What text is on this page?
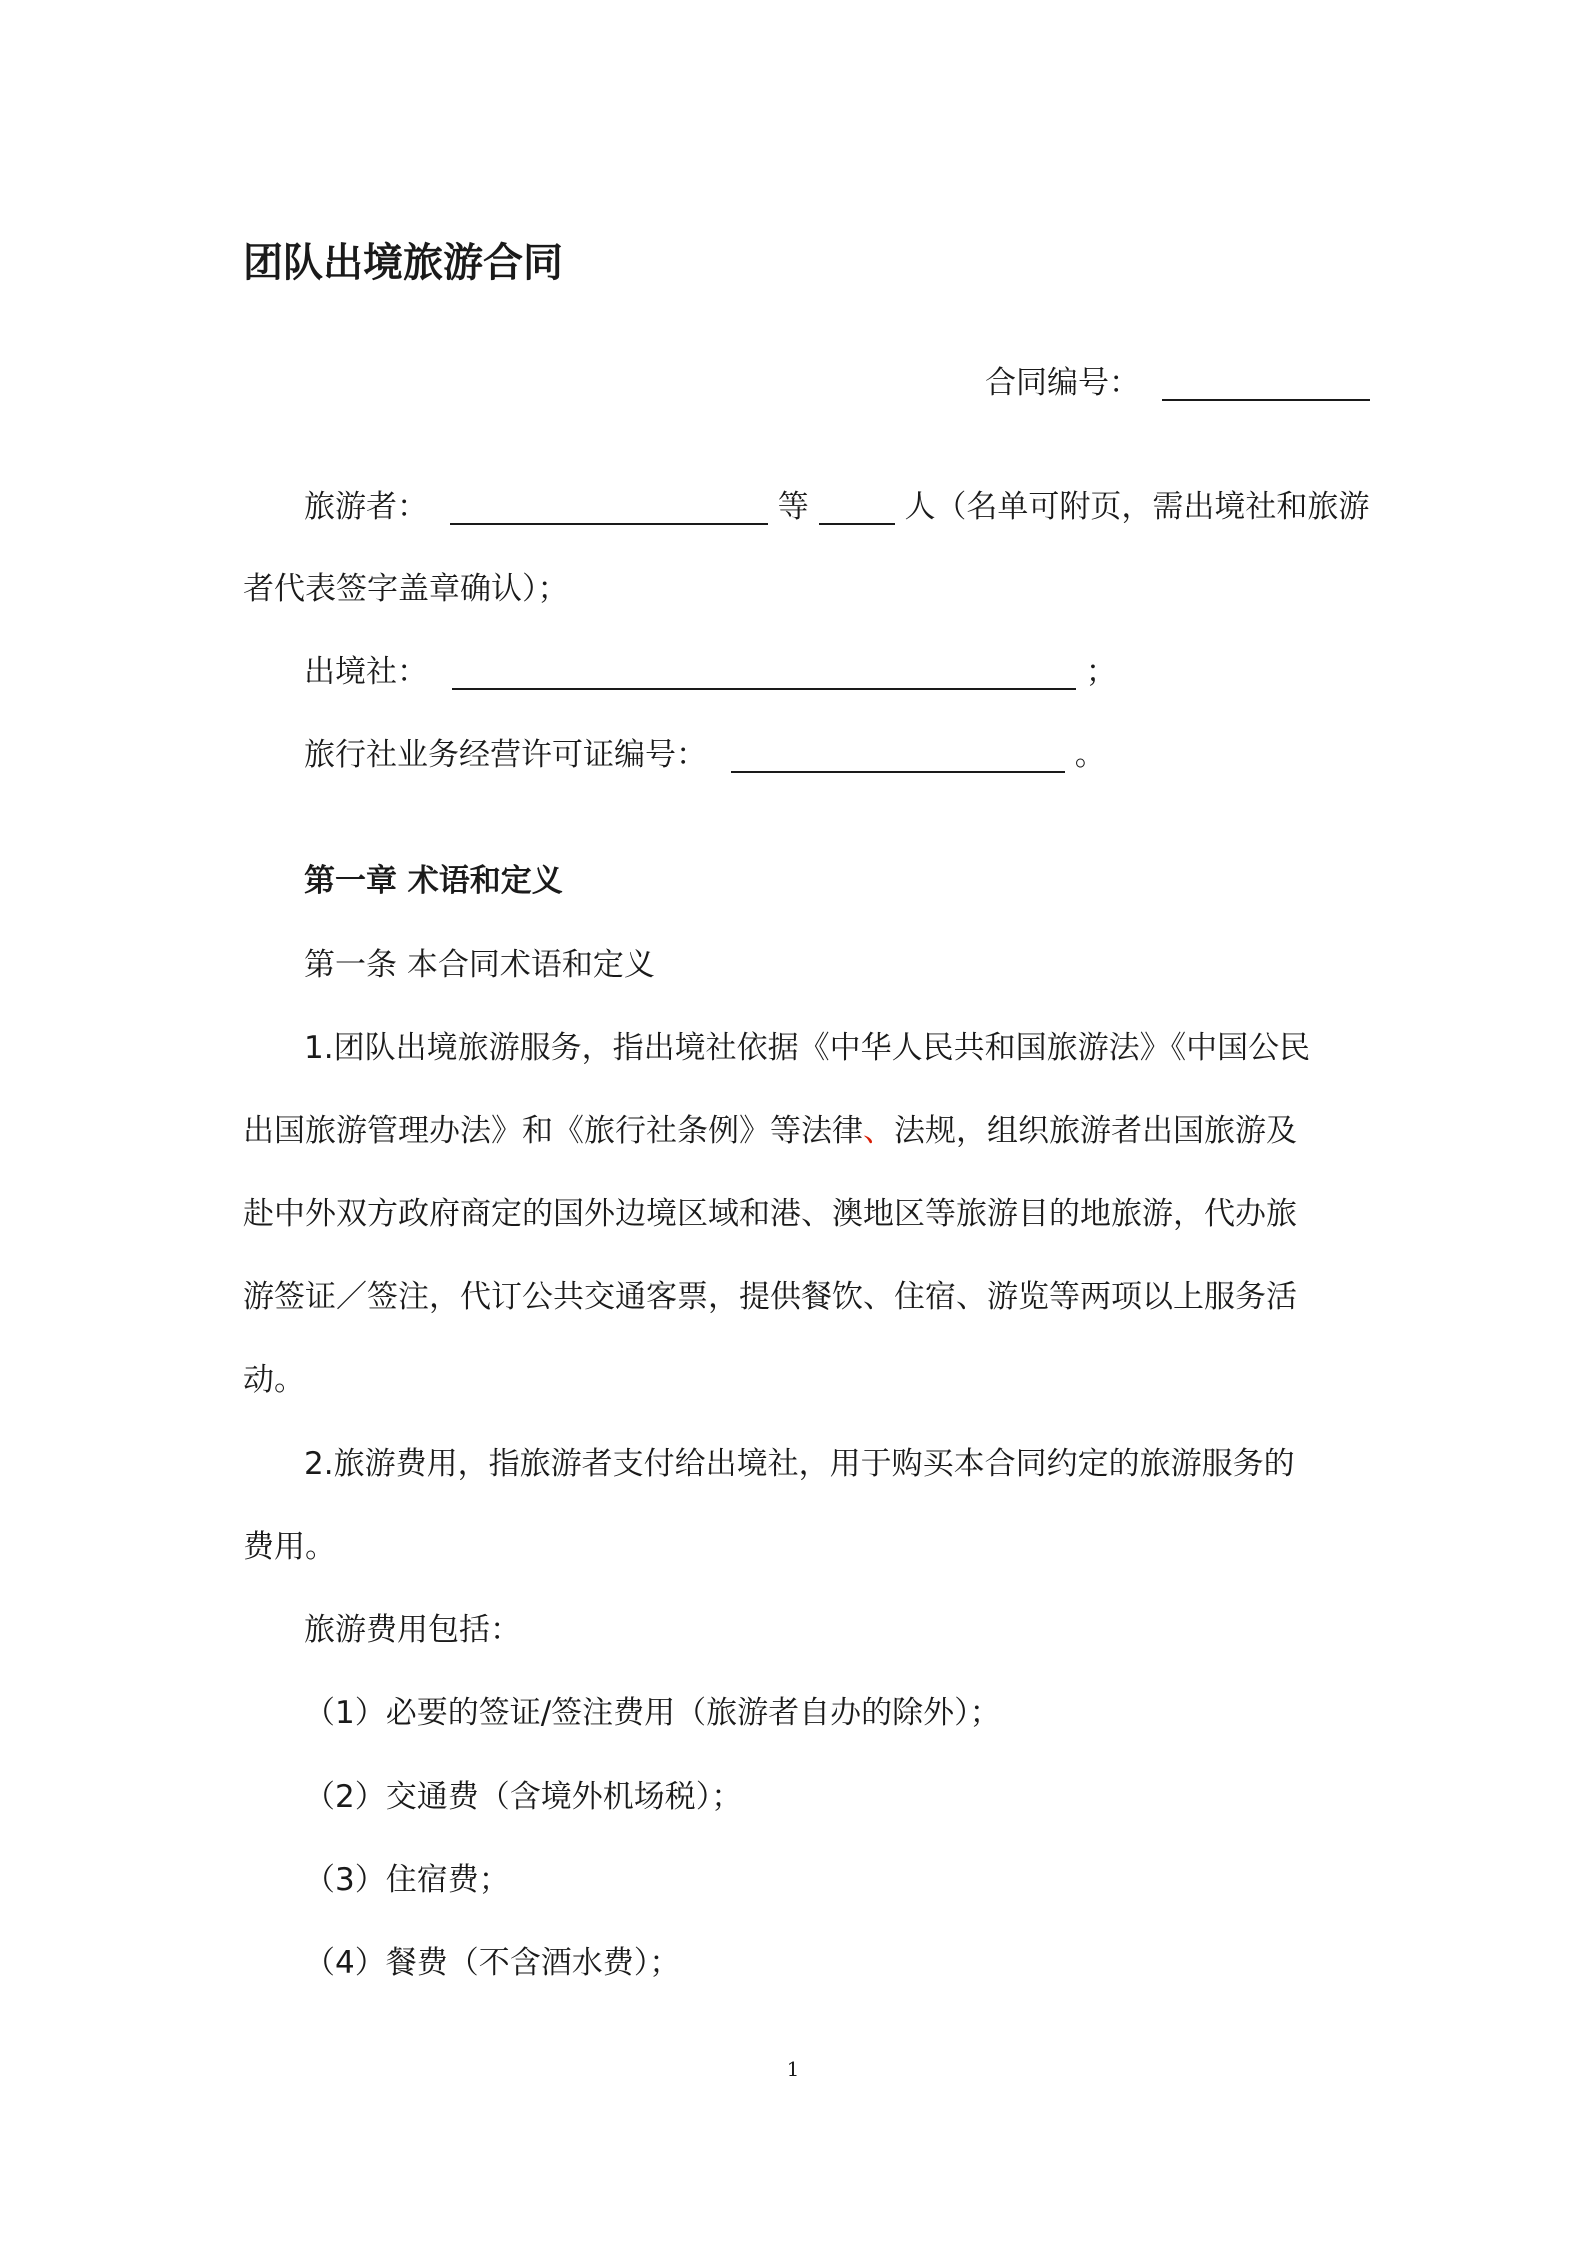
团队出境旅游合同
合同编号：
旅游者：	等	人（名单可附页，需出境社和旅游
者代表签字盖章确认）；
出境社：	；
旅行社业务经营许可证编号：	。
第一章 术语和定义
第一条 本合同术语和定义
1.团队出境旅游服务，指出境社依据《中华人民共和国旅游法》《中国公民
出国旅游管理办法》和《旅行社条例》等法律、法规，组织旅游者出国旅游及
赴中外双方政府商定的国外边境区域和港、澳地区等旅游目的地旅游，代办旅
游签证／签注，代订公共交通客票，提供餐饮、住宿、游览等两项以上服务活
动。
2.旅游费用，指旅游者支付给出境社，用于购买本合同约定的旅游服务的
费用。
旅游费用包括：
（1）必要的签证/签注费用（旅游者自办的除外）；
（2）交通费（含境外机场税）；
（3）住宿费；
（4）餐费（不含酒水费）；
1
